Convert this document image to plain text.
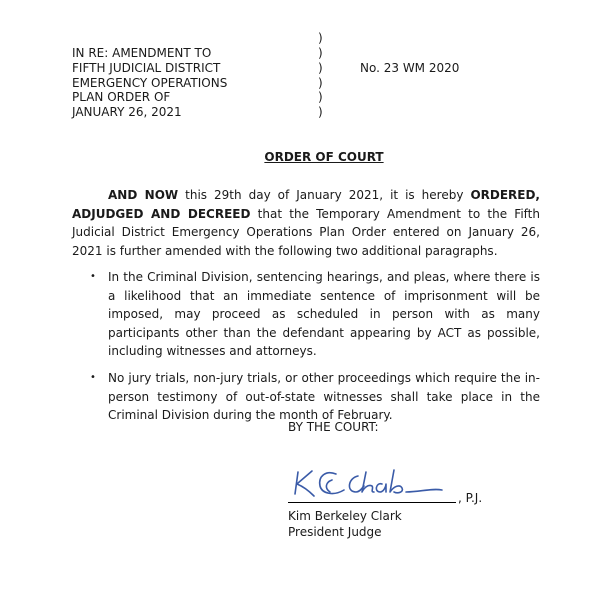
IN RE: AMENDMENT TO
FIFTH JUDICIAL DISTRICT
EMERGENCY OPERATIONS
PLAN ORDER OF
JANUARY 26, 2021
)
)
)
)
)
)
No. 23 WM 2020
ORDER OF COURT
AND NOW this 29th day of January 2021, it is hereby ORDERED, ADJUDGED AND DECREED that the Temporary Amendment to the Fifth Judicial District Emergency Operations Plan Order entered on January 26, 2021 is further amended with the following two additional paragraphs.
• In the Criminal Division, sentencing hearings, and pleas, where there is a likelihood that an immediate sentence of imprisonment will be imposed, may proceed as scheduled in person with as many participants other than the defendant appearing by ACT as possible, including witnesses and attorneys.
• No jury trials, non-jury trials, or other proceedings which require the in-person testimony of out-of-state witnesses shall take place in the Criminal Division during the month of February.
BY THE COURT:
, P.J.
Kim Berkeley Clark
President Judge
